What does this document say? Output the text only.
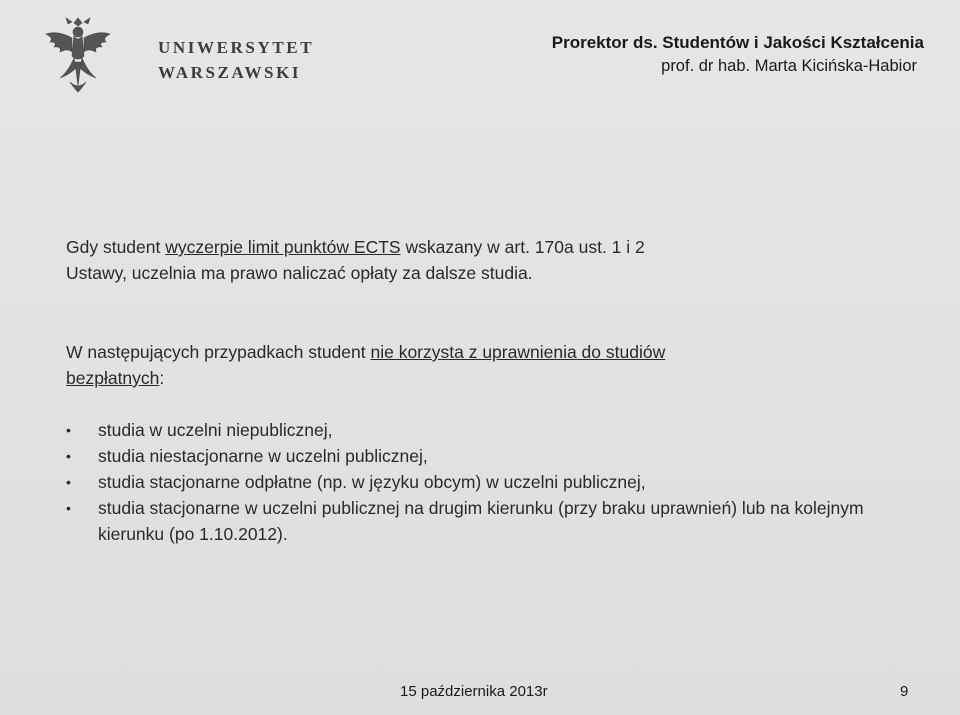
UNIWERSYTET
WARSZAWSKI
Prorektor ds. Studentów i Jakości Kształcenia
prof. dr hab. Marta Kicińska-Habior
Gdy student wyczerpie limit punktów ECTS wskazany w art. 170a ust. 1 i 2
Ustawy, uczelnia ma prawo naliczać opłaty za dalsze studia.
W następujących przypadkach student nie korzysta z uprawnienia do studiów
bezpłatnych:
• studia w uczelni niepublicznej,
• studia niestacjonarne w uczelni publicznej,
• studia stacjonarne odpłatne (np. w języku obcym) w uczelni publicznej,
• studia stacjonarne w uczelni publicznej na drugim kierunku (przy braku uprawnień) lub na kolejnym kierunku (po 1.10.2012).
15 października 2013r	9
